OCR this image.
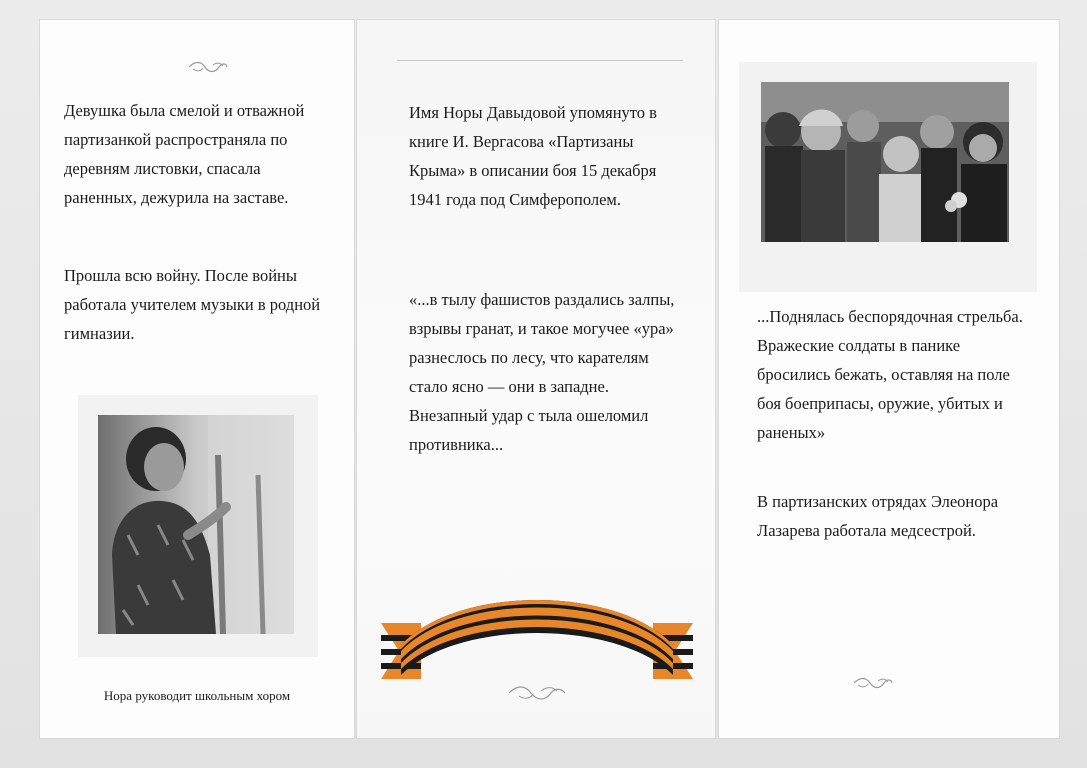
Девушка была смелой и отважной партизанкой распространяла по деревням листовки, спасала раненных, дежурила на заставе.

Прошла всю войну. После войны работала учителем музыки в родной гимназии.

Нора руководит школьным хором

Имя Норы Давыдовой упомянуто в книге И. Вергасова «Партизаны Крыма» в описании боя 15 декабря 1941 года под Симферополем.

«...в тылу фашистов раздались залпы, взрывы гранат, и такое могучее «ура» разнеслось по лесу, что карателям стало ясно — они в западне. Внезапный удар с тыла ошеломил противника...

...Поднялась беспорядочная стрельба. Вражеские солдаты в панике бросились бежать, оставляя на поле боя боеприпасы, оружие, убитых и раненых»

В партизанских отрядах Элеонора Лазарева работала медсестрой.
